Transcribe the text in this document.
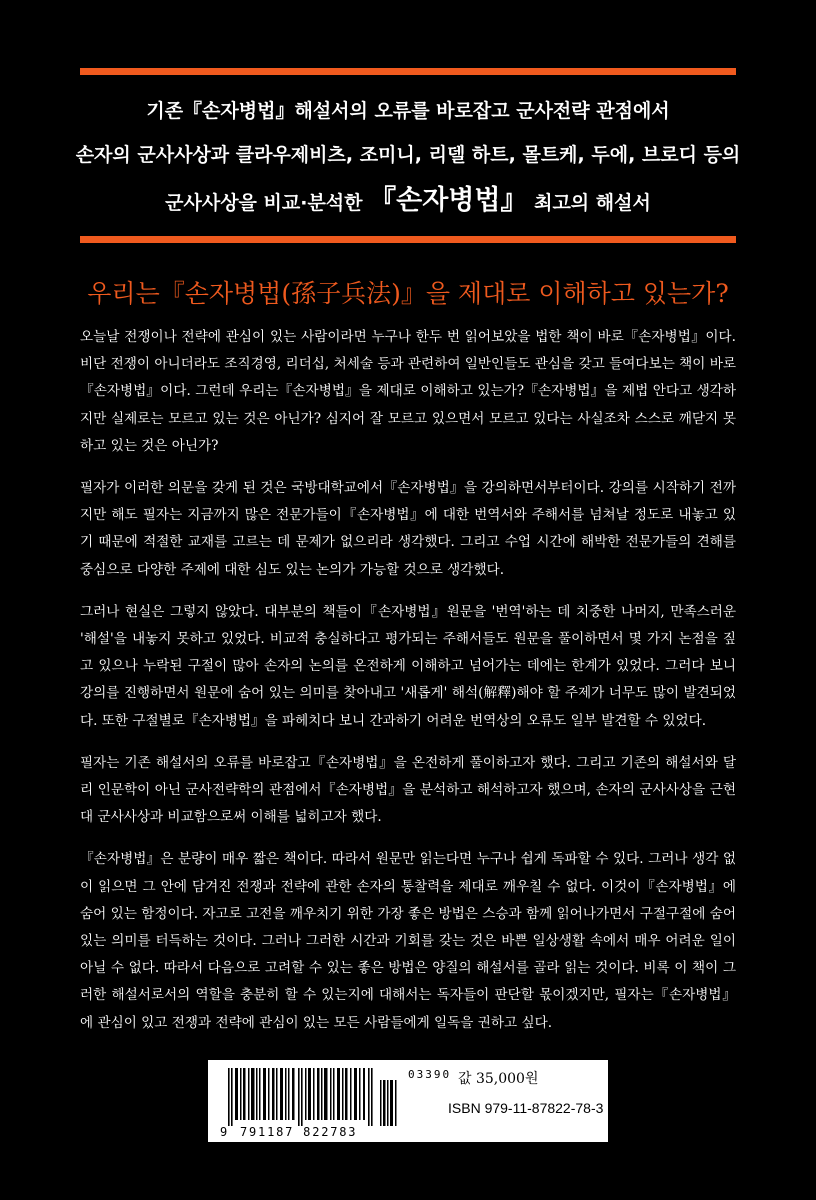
기존『손자병법』해설서의 오류를 바로잡고 군사전략 관점에서
손자의 군사사상과 클라우제비츠, 조미니, 리델 하트, 몰트케, 두에, 브로디 등의
군사사상을 비교·분석한 『손자병법』 최고의 해설서
우리는『손자병법(孫子兵法)』을 제대로 이해하고 있는가?

오늘날 전쟁이나 전략에 관심이 있는 사람이라면 누구나 한두 번 읽어보았을 법한 책이 바로『손자병법』이다. 비단 전쟁이 아니더라도 조직경영, 리더십, 처세술 등과 관련하여 일반인들도 관심을 갖고 들여다보는 책이 바로『손자병법』이다. 그런데 우리는『손자병법』을 제대로 이해하고 있는가?『손자병법』을 제법 안다고 생각하지만 실제로는 모르고 있는 것은 아닌가? 심지어 잘 모르고 있으면서 모르고 있다는 사실조차 스스로 깨닫지 못하고 있는 것은 아닌가?

필자가 이러한 의문을 갖게 된 것은 국방대학교에서『손자병법』을 강의하면서부터이다. 강의를 시작하기 전까지만 해도 필자는 지금까지 많은 전문가들이『손자병법』에 대한 번역서와 주해서를 넘쳐날 정도로 내놓고 있기 때문에 적절한 교재를 고르는 데 문제가 없으리라 생각했다. 그리고 수업 시간에 해박한 전문가들의 견해를 중심으로 다양한 주제에 대한 심도 있는 논의가 가능할 것으로 생각했다.

그러나 현실은 그렇지 않았다. 대부분의 책들이『손자병법』원문을 '번역'하는 데 치중한 나머지, 만족스러운 '해설'을 내놓지 못하고 있었다. 비교적 충실하다고 평가되는 주해서들도 원문을 풀이하면서 몇 가지 논점을 짚고 있으나 누락된 구절이 많아 손자의 논의를 온전하게 이해하고 넘어가는 데에는 한계가 있었다. 그러다 보니 강의를 진행하면서 원문에 숨어 있는 의미를 찾아내고 '새롭게' 해석(解釋)해야 할 주제가 너무도 많이 발견되었다. 또한 구절별로『손자병법』을 파헤치다 보니 간과하기 어려운 번역상의 오류도 일부 발견할 수 있었다.

필자는 기존 해설서의 오류를 바로잡고『손자병법』을 온전하게 풀이하고자 했다. 그리고 기존의 해설서와 달리 인문학이 아닌 군사전략학의 관점에서『손자병법』을 분석하고 해석하고자 했으며, 손자의 군사사상을 근현대 군사사상과 비교함으로써 이해를 넓히고자 했다.

『손자병법』은 분량이 매우 짧은 책이다. 따라서 원문만 읽는다면 누구나 쉽게 독파할 수 있다. 그러나 생각 없이 읽으면 그 안에 담겨진 전쟁과 전략에 관한 손자의 통찰력을 제대로 깨우칠 수 없다. 이것이『손자병법』에 숨어 있는 함정이다. 자고로 고전을 깨우치기 위한 가장 좋은 방법은 스승과 함께 읽어나가면서 구절구절에 숨어 있는 의미를 터득하는 것이다. 그러나 그러한 시간과 기회를 갖는 것은 바쁜 일상생활 속에서 매우 어려운 일이 아닐 수 없다. 따라서 다음으로 고려할 수 있는 좋은 방법은 양질의 해설서를 골라 읽는 것이다. 비록 이 책이 그러한 해설서로서의 역할을 충분히 할 수 있는지에 대해서는 독자들이 판단할 몫이겠지만, 필자는『손자병법』에 관심이 있고 전쟁과 전략에 관심이 있는 모든 사람들에게 일독을 권하고 싶다.

9 791187 822783
03390 값 35,000원
ISBN 979-11-87822-78-3
